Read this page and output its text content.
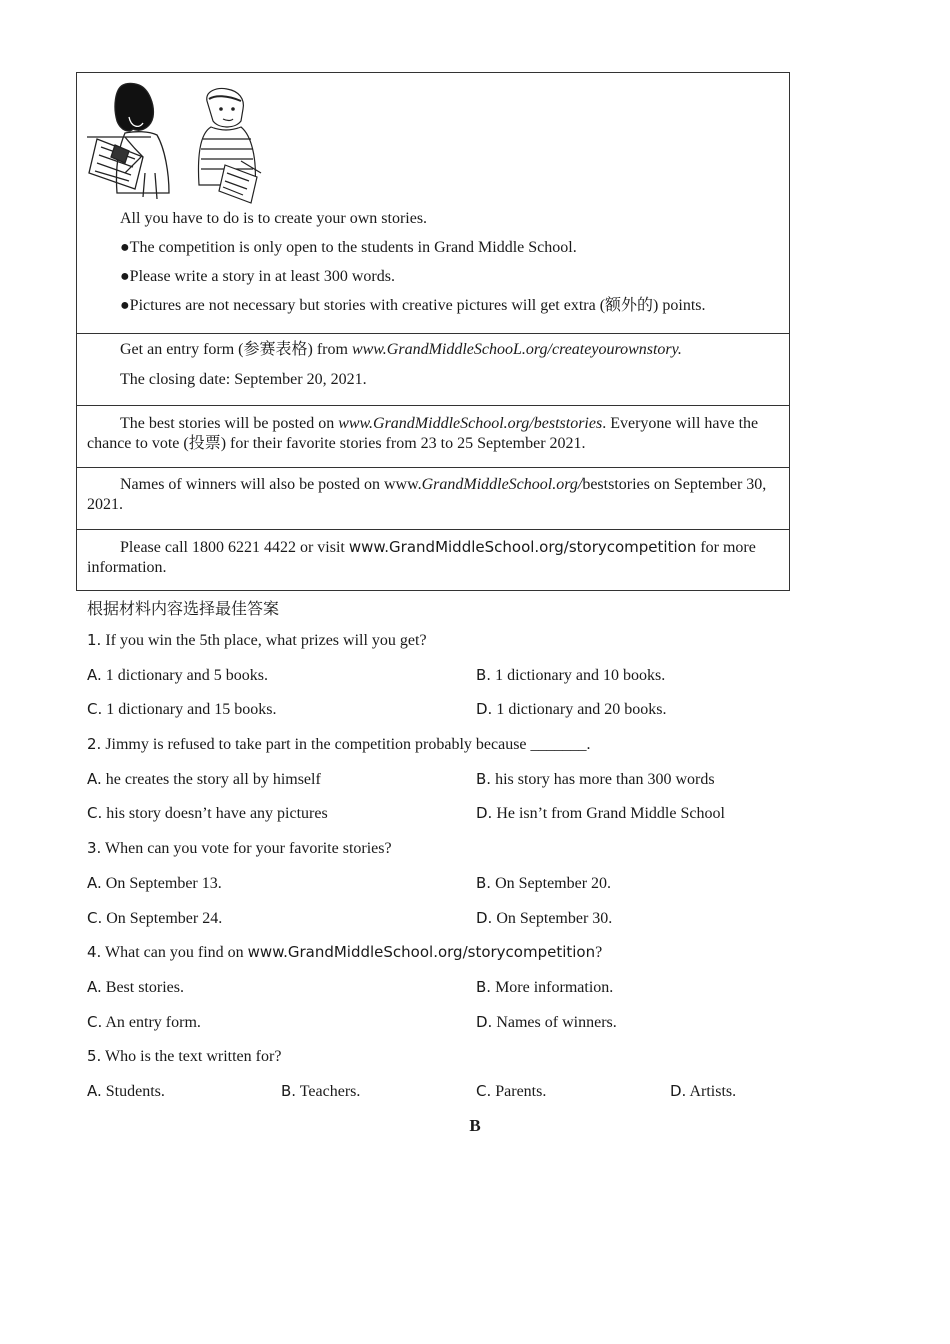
All you have to do is to create your own stories.

●The competition is only open to the students in Grand Middle School.

●Please write a story in at least 300 words.

●Pictures are not necessary but stories with creative pictures will get extra (额外的) points.

Get an entry form (参赛表格) from www.GrandMiddleSchooL.org/createyourownstory.

The closing date: September 20, 2021.

The best stories will be posted on www.GrandMiddleSchool.org/beststories. Everyone will have the chance to vote (投票) for their favorite stories from 23 to 25 September 2021.

Names of winners will also be posted on www.GrandMiddleSchool.org/beststories on September 30, 2021.

Please call 1800 6221 4422 or visit www.GrandMiddleSchool.org/storycompetition for more information.

根据材料内容选择最佳答案
1. If you win the 5th place, what prizes will you get?
A. 1 dictionary and 5 books.	B. 1 dictionary and 10 books.
C. 1 dictionary and 15 books.	D. 1 dictionary and 20 books.
2. Jimmy is refused to take part in the competition probably because _______.
A. he creates the story all by himself	B. his story has more than 300 words
C. his story doesn’t have any pictures	D. He isn’t from Grand Middle School
3. When can you vote for your favorite stories?
A. On September 13.	B. On September 20.
C. On September 24.	D. On September 30.
4. What can you find on www.GrandMiddleSchool.org/storycompetition?
A. Best stories.	B. More information.
C. An entry form.	D. Names of winners.
5. Who is the text written for?
A. Students.	B. Teachers.	C. Parents.	D. Artists.
B
